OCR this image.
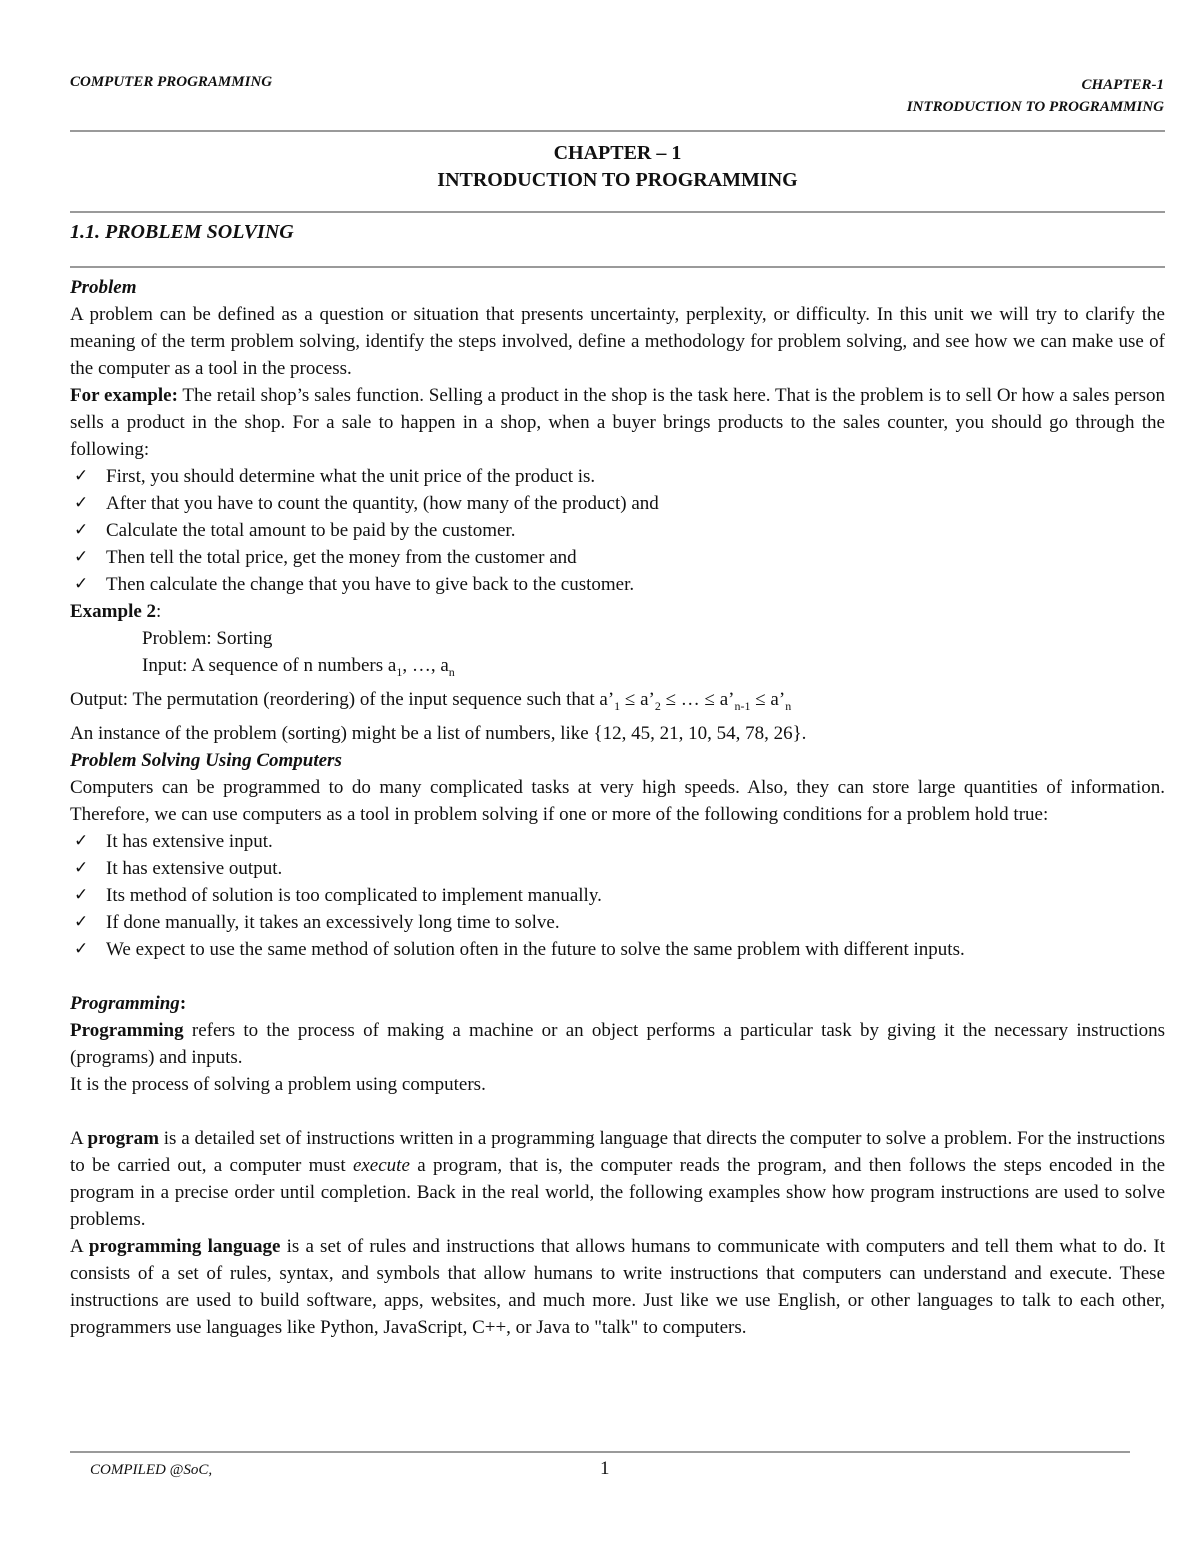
COMPUTER PROGRAMMING	CHAPTER-1
INTRODUCTION TO PROGRAMMING
CHAPTER – 1
INTRODUCTION TO PROGRAMMING
1.1. PROBLEM SOLVING

Problem

A problem can be defined as a question or situation that presents uncertainty, perplexity, or difficulty. In this unit we will try to clarify the meaning of the term problem solving, identify the steps involved, define a methodology for problem solving, and see how we can make use of the computer as a tool in the process.

For example: The retail shop’s sales function. Selling a product in the shop is the task here. That is the problem is to sell Or how a sales person sells a product in the shop. For a sale to happen in a shop, when a buyer brings products to the sales counter, you should go through the following:

✓ First, you should determine what the unit price of the product is.
✓ After that you have to count the quantity, (how many of the product) and
✓ Calculate the total amount to be paid by the customer.
✓ Then tell the total price, get the money from the customer and
✓ Then calculate the change that you have to give back to the customer.

Example 2:

Problem: Sorting

Input: A sequence of n numbers $a_1$, …, $a_n$

Output: The permutation (reordering) of the input sequence such that $a’_1$ ≤ $a’_2$ ≤ … ≤ $a’_{n-1}$ ≤ $a’_n$

An instance of the problem (sorting) might be a list of numbers, like {12, 45, 21, 10, 54, 78, 26}.

Problem Solving Using Computers

Computers can be programmed to do many complicated tasks at very high speeds. Also, they can store large quantities of information. Therefore, we can use computers as a tool in problem solving if one or more of the following conditions for a problem hold true:

✓ It has extensive input.
✓ It has extensive output.
✓ Its method of solution is too complicated to implement manually.
✓ If done manually, it takes an excessively long time to solve.
✓ We expect to use the same method of solution often in the future to solve the same problem with different inputs.

Programming:

Programming refers to the process of making a machine or an object performs a particular task by giving it the necessary instructions (programs) and inputs.

It is the process of solving a problem using computers.

A program is a detailed set of instructions written in a programming language that directs the computer to solve a problem. For the instructions to be carried out, a computer must execute a program, that is, the computer reads the program, and then follows the steps encoded in the program in a precise order until completion. Back in the real world, the following examples show how program instructions are used to solve problems.

A programming language is a set of rules and instructions that allows humans to communicate with computers and tell them what to do. It consists of a set of rules, syntax, and symbols that allow humans to write instructions that computers can understand and execute. These instructions are used to build software, apps, websites, and much more. Just like we use English, or other languages to talk to each other, programmers use languages like Python, JavaScript, C++, or Java to "talk" to computers.

COMPILED @SoC,	1
